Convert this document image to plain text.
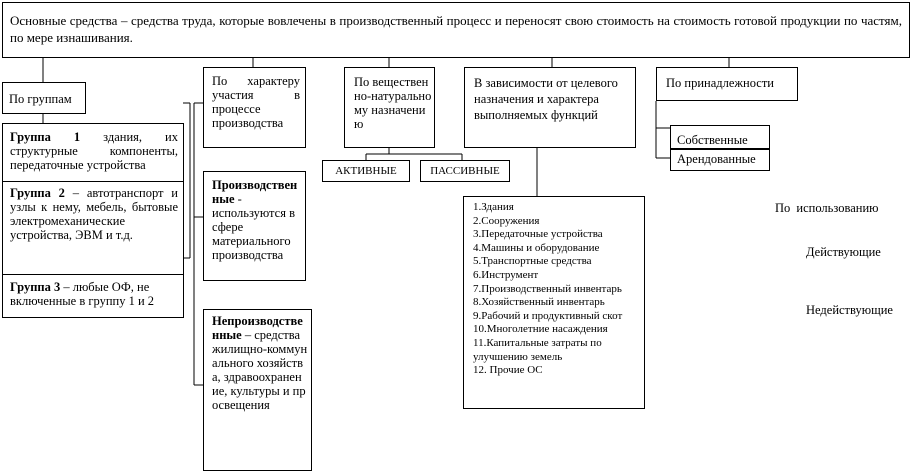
Основные средства – средства труда, которые вовлечены в производственный процесс и переносят свою стоимость на стоимость готовой продукции по частям, по мере изнашивания.
По группам
Группа 1 здания, их структурные компоненты, передаточные устройства
Группа 2 – автотранспорт и узлы к нему, мебель, бытовые электромеханические устройства, ЭВМ и т.д.
Группа 3 – любые ОФ, не включенные в группу 1 и 2
По характеру участия в процессе производства
Производственные - используются в сфере материального производства
Непроизводственные – средства жилищно-коммунального хозяйства, здравоохранение, культуры и просвещения
По вещественно-натуральному назначению
АКТИВНЫЕ	ПАССИВНЫЕ
В зависимости от целевого назначения и характера выполняемых функций
1.Здания
2.Сооружения
3.Передаточные устройства
4.Машины и оборудование
5.Транспортные средства
6.Инструмент
7.Производственный инвентарь
8.Хозяйственный инвентарь
9.Рабочий и продуктивный скот
10.Многолетние насаждения
11.Капитальные затраты по улучшению земель
12. Прочие ОС
По принадлежности
Собственные
Арендованные
По использованию
Действующие
Недействующие
